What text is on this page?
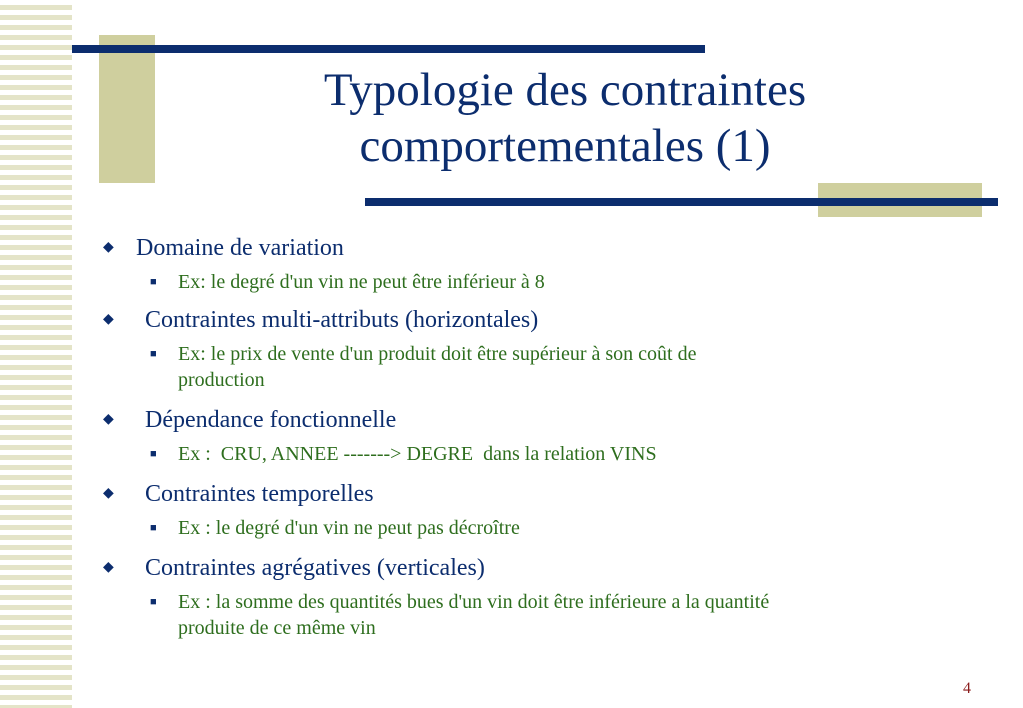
Typologie des contraintes
comportementales (1)
◆ Domaine de variation
■ Ex: le degré d'un vin ne peut être inférieur à 8
◆ Contraintes multi-attributs (horizontales)
■ Ex: le prix de vente d'un produit doit être supérieur à son coût de
production
◆ Dépendance fonctionnelle
■ Ex :  CRU, ANNEE -------> DEGRE  dans la relation VINS
◆ Contraintes temporelles
■ Ex : le degré d'un vin ne peut pas décroître
◆ Contraintes agrégatives (verticales)
■ Ex : la somme des quantités bues d'un vin doit être inférieure a la quantité
produite de ce même vin
4
